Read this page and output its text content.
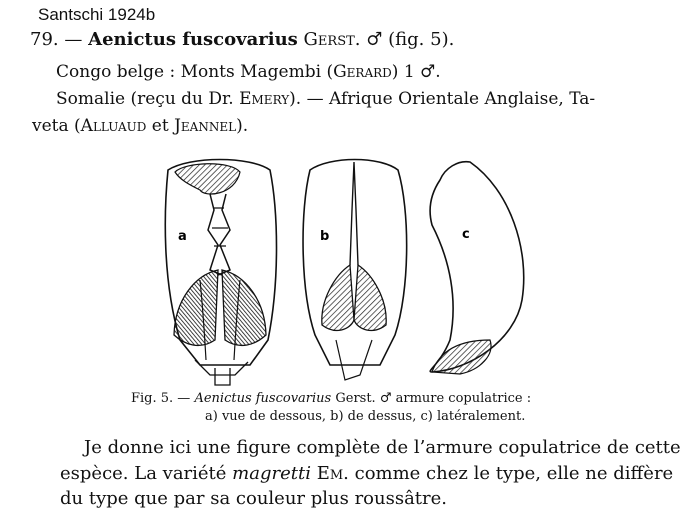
Santschi 1924b
79. — Aenictus fuscovarius Gerst. ♂ (fig. 5).
Congo belge : Monts Magembi (Gerard) 1 ♂.
Somalie (reçu du Dr. Emery). — Afrique Orientale Anglaise, Ta-
veta (Alluaud et Jeannel).
a	b	c
Fig. 5. — Aenictus fuscovarius Gerst. ♂ armure copulatrice :
a) vue de dessous, b) de dessus, c) latéralement.
Je donne ici une figure complète de l’armure copulatrice de cette
espèce. La variété magretti Em. comme chez le type, elle ne diffère
du type que par sa couleur plus roussâtre.
